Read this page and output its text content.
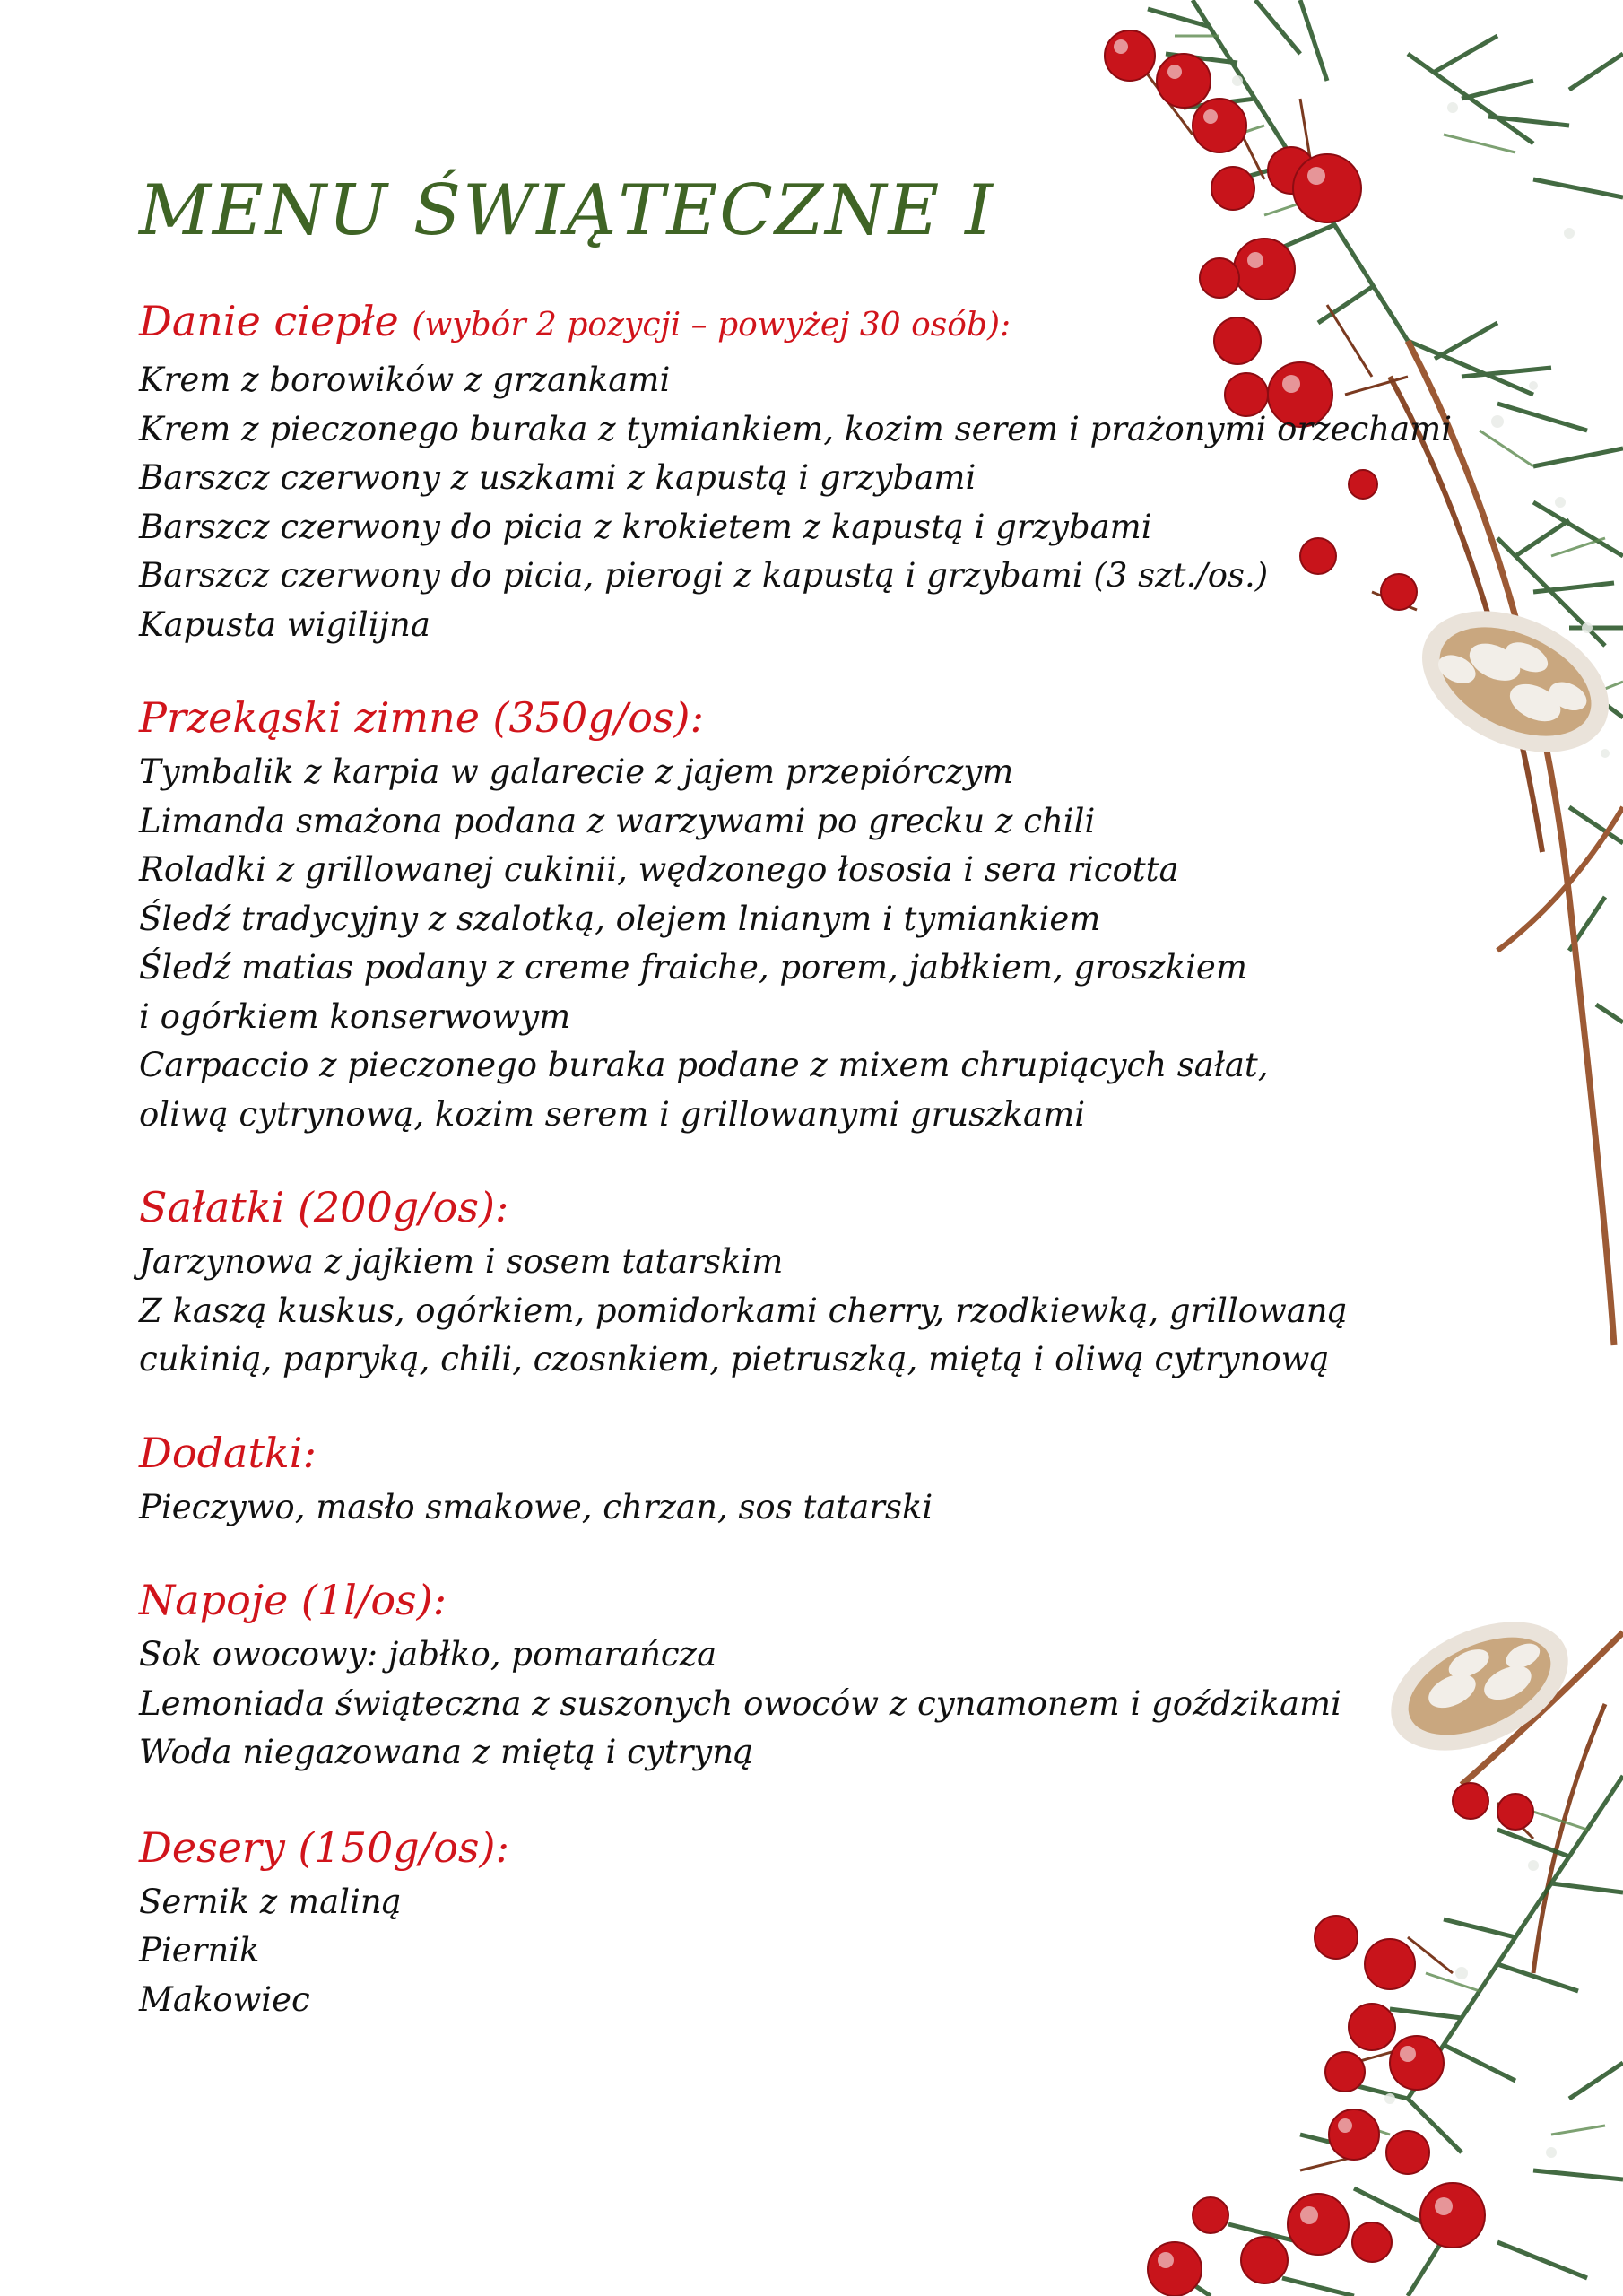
MENU ŚWIĄTECZNE I
Danie ciepłe (wybór 2 pozycji – powyżej 30 osób):
Krem z borowików z grzankami
Krem z pieczonego buraka z tymiankiem, kozim serem i prażonymi orzechami
Barszcz czerwony z uszkami z kapustą i grzybami
Barszcz czerwony do picia z krokietem z kapustą i grzybami
Barszcz czerwony do picia, pierogi z kapustą i grzybami (3 szt./os.)
Kapusta wigilijna
Przekąski zimne (350g/os):
Tymbalik z karpia w galarecie z jajem przepiórczym
Limanda smażona podana z warzywami po grecku z chili
Roladki z grillowanej cukinii, wędzonego łososia i sera ricotta
Śledź tradycyjny z szalotką, olejem lnianym i tymiankiem
Śledź matias podany z creme fraiche, porem, jabłkiem, groszkiem
i ogórkiem konserwowym
Carpaccio z pieczonego buraka podane z mixem chrupiących sałat,
oliwą cytrynową, kozim serem i grillowanymi gruszkami
Sałatki (200g/os):
Jarzynowa z jajkiem i sosem tatarskim
Z kaszą kuskus, ogórkiem, pomidorkami cherry, rzodkiewką, grillowaną
cukinią, papryką, chili, czosnkiem, pietruszką, miętą i oliwą cytrynową
Dodatki:
Pieczywo, masło smakowe, chrzan, sos tatarski
Napoje (1l/os):
Sok owocowy: jabłko, pomarańcza
Lemoniada świąteczna z suszonych owoców z cynamonem i goździkami
Woda niegazowana z miętą i cytryną
Desery (150g/os):
Sernik z maliną
Piernik
Makowiec
